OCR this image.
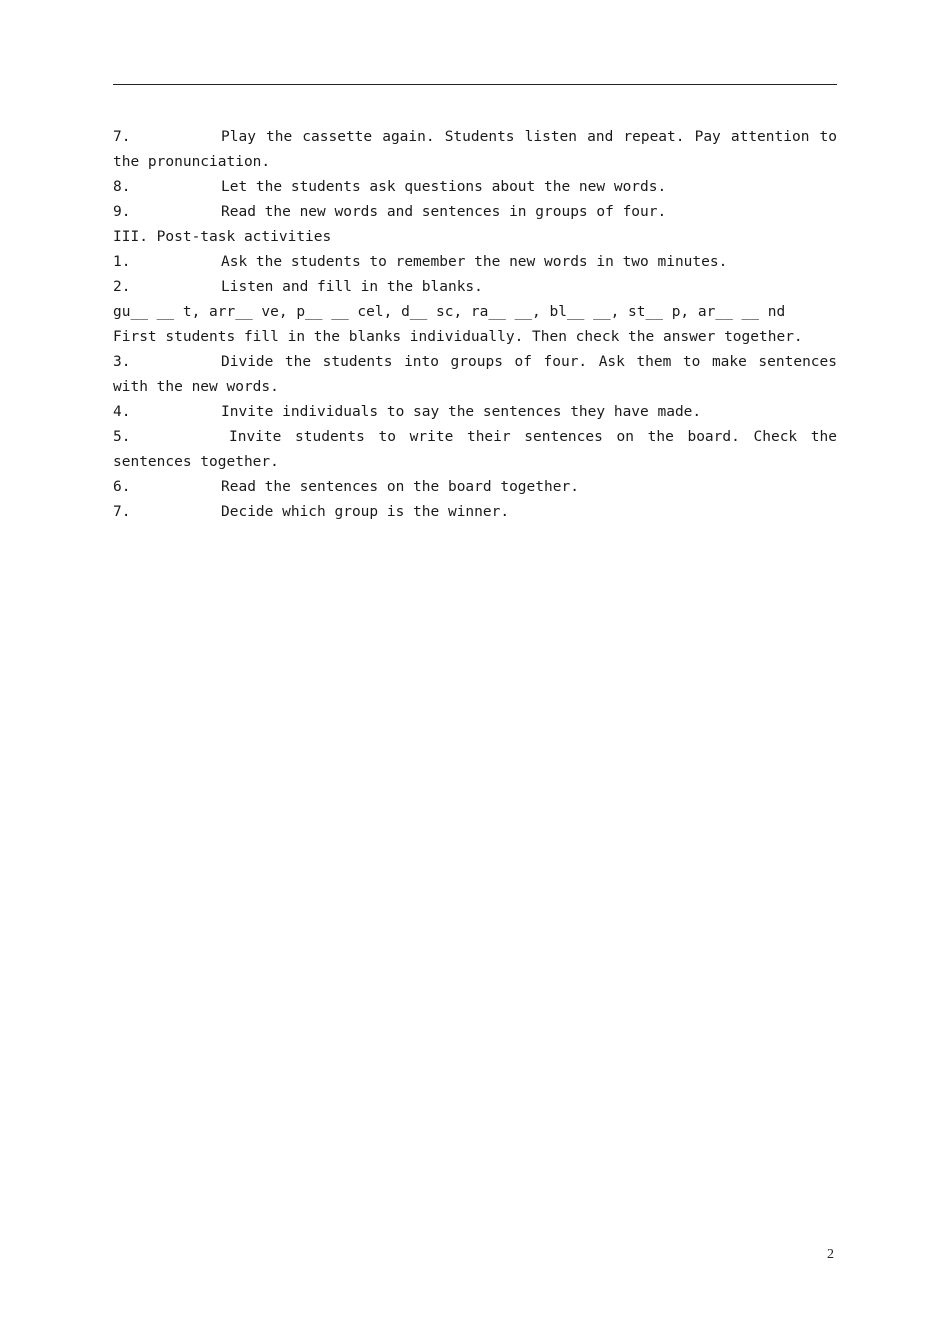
7.	Play the cassette again. Students listen and repeat. Pay attention to the pronunciation.
8.	Let the students ask questions about the new words.
9.	Read the new words and sentences in groups of four.
III. Post-task activities
1.	Ask the students to remember the new words in two minutes.
2.	Listen and fill in the blanks.
gu__ __ t, arr__ ve, p__ __ cel, d__ sc, ra__ __, bl__ __, st__ p, ar__ __ nd
First students fill in the blanks individually. Then check the answer together.
3.	Divide the students into groups of four. Ask them to make sentences with the new words.
4.	Invite individuals to say the sentences they have made.
5.	Invite students to write their sentences on the board. Check the sentences together.
6.	Read the sentences on the board together.
7.	Decide which group is the winner.
2
